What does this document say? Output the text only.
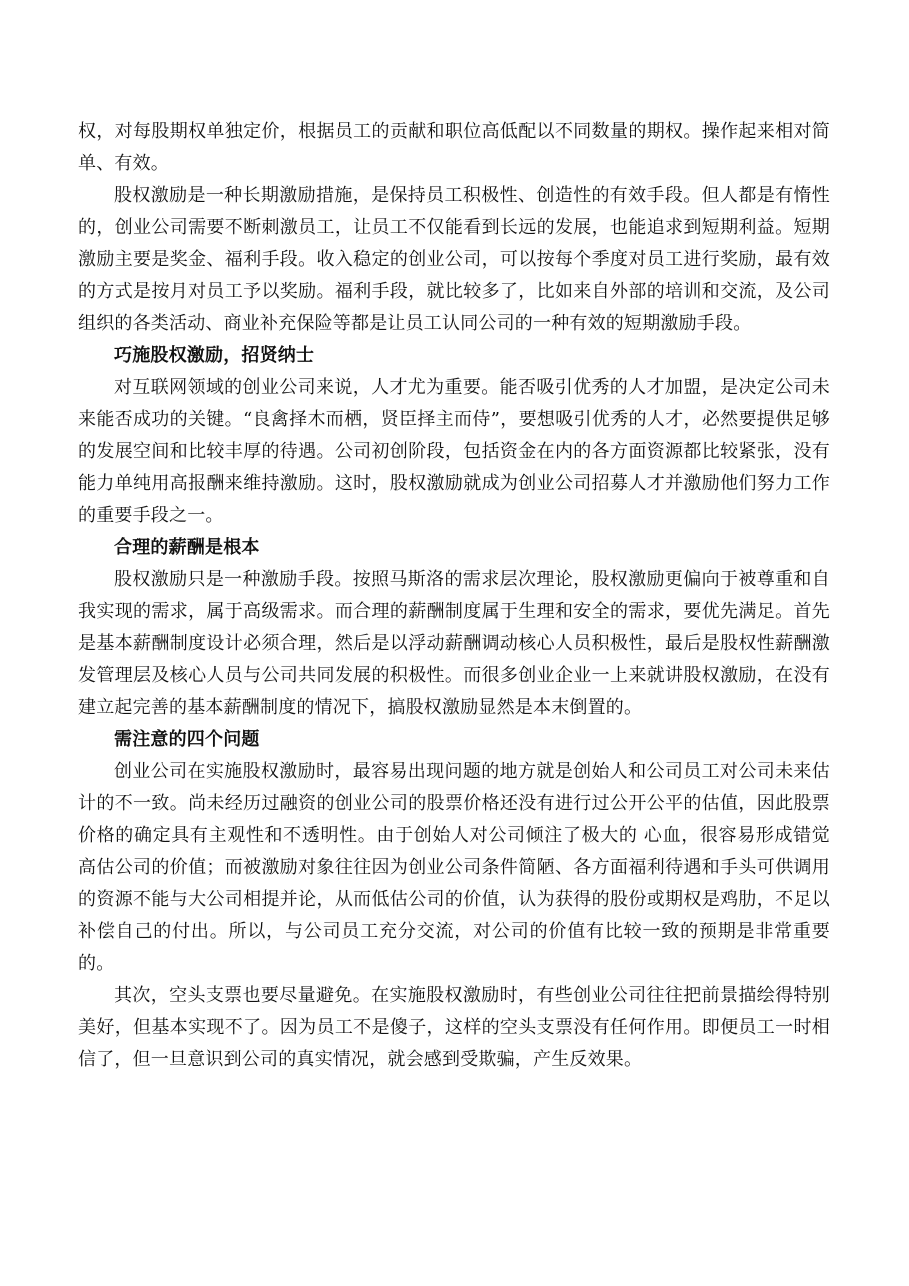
权，对每股期权单独定价，根据员工的贡献和职位高低配以不同数量的期权。操作起来相对简单、有效。

股权激励是一种长期激励措施，是保持员工积极性、创造性的有效手段。但人都是有惰性的，创业公司需要不断刺激员工，让员工不仅能看到长远的发展，也能追求到短期利益。短期激励主要是奖金、福利手段。收入稳定的创业公司，可以按每个季度对员工进行奖励，最有效的方式是按月对员工予以奖励。福利手段，就比较多了，比如来自外部的培训和交流，及公司组织的各类活动、商业补充保险等都是让员工认同公司的一种有效的短期激励手段。

巧施股权激励，招贤纳士

对互联网领域的创业公司来说，人才尤为重要。能否吸引优秀的人才加盟，是决定公司未来能否成功的关键。“良禽择木而栖，贤臣择主而侍”，要想吸引优秀的人才，必然要提供足够的发展空间和比较丰厚的待遇。公司初创阶段，包括资金在内的各方面资源都比较紧张，没有能力单纯用高报酬来维持激励。这时，股权激励就成为创业公司招募人才并激励他们努力工作的重要手段之一。

合理的薪酬是根本

股权激励只是一种激励手段。按照马斯洛的需求层次理论，股权激励更偏向于被尊重和自我实现的需求，属于高级需求。而合理的薪酬制度属于生理和安全的需求，要优先满足。首先是基本薪酬制度设计必须合理，然后是以浮动薪酬调动核心人员积极性，最后是股权性薪酬激发管理层及核心人员与公司共同发展的积极性。而很多创业企业一上来就讲股权激励，在没有建立起完善的基本薪酬制度的情况下，搞股权激励显然是本末倒置的。

需注意的四个问题

创业公司在实施股权激励时，最容易出现问题的地方就是创始人和公司员工对公司未来估计的不一致。尚未经历过融资的创业公司的股票价格还没有进行过公开公平的估值，因此股票价格的确定具有主观性和不透明性。由于创始人对公司倾注了极大的 心血，很容易形成错觉高估公司的价值；而被激励对象往往因为创业公司条件简陋、各方面福利待遇和手头可供调用的资源不能与大公司相提并论，从而低估公司的价值，认为获得的股份或期权是鸡肋，不足以补偿自己的付出。所以，与公司员工充分交流，对公司的价值有比较一致的预期是非常重要的。

其次，空头支票也要尽量避免。在实施股权激励时，有些创业公司往往把前景描绘得特别美好，但基本实现不了。因为员工不是傻子，这样的空头支票没有任何作用。即便员工一时相信了，但一旦意识到公司的真实情况，就会感到受欺骗，产生反效果。
